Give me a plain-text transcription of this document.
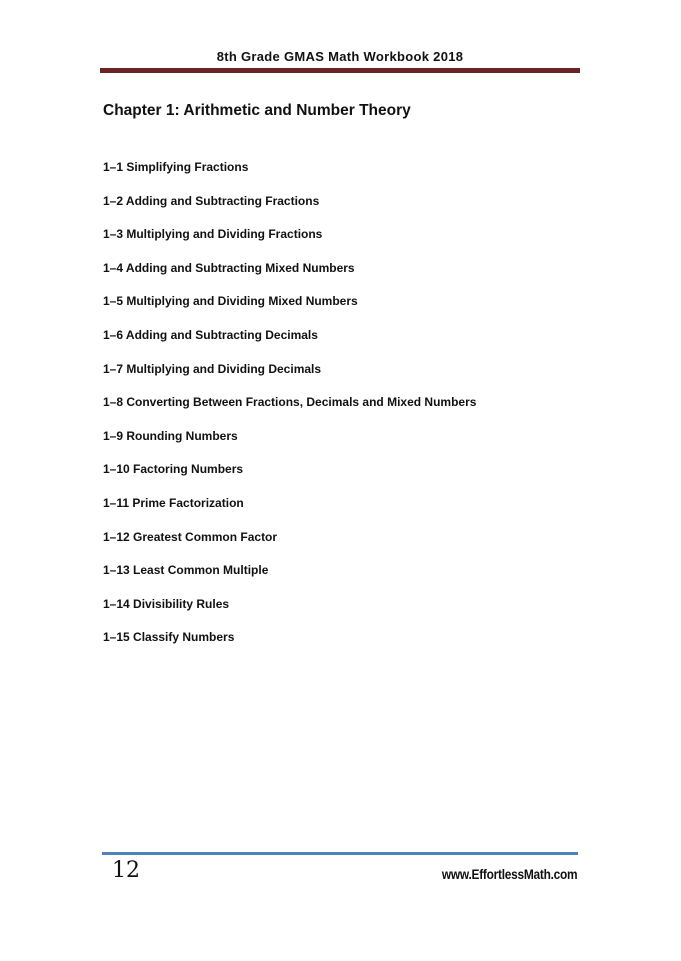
8th Grade GMAS Math Workbook 2018
Chapter 1: Arithmetic and Number Theory
1–1 Simplifying Fractions
1–2 Adding and Subtracting Fractions
1–3 Multiplying and Dividing Fractions
1–4 Adding and Subtracting Mixed Numbers
1–5 Multiplying and Dividing Mixed Numbers
1–6 Adding and Subtracting Decimals
1–7 Multiplying and Dividing Decimals
1–8 Converting Between Fractions, Decimals and Mixed Numbers
1–9 Rounding Numbers
1–10 Factoring Numbers
1–11 Prime Factorization
1–12 Greatest Common Factor
1–13 Least Common Multiple
1–14 Divisibility Rules
1–15 Classify Numbers
12	www.EffortlessMath.com
